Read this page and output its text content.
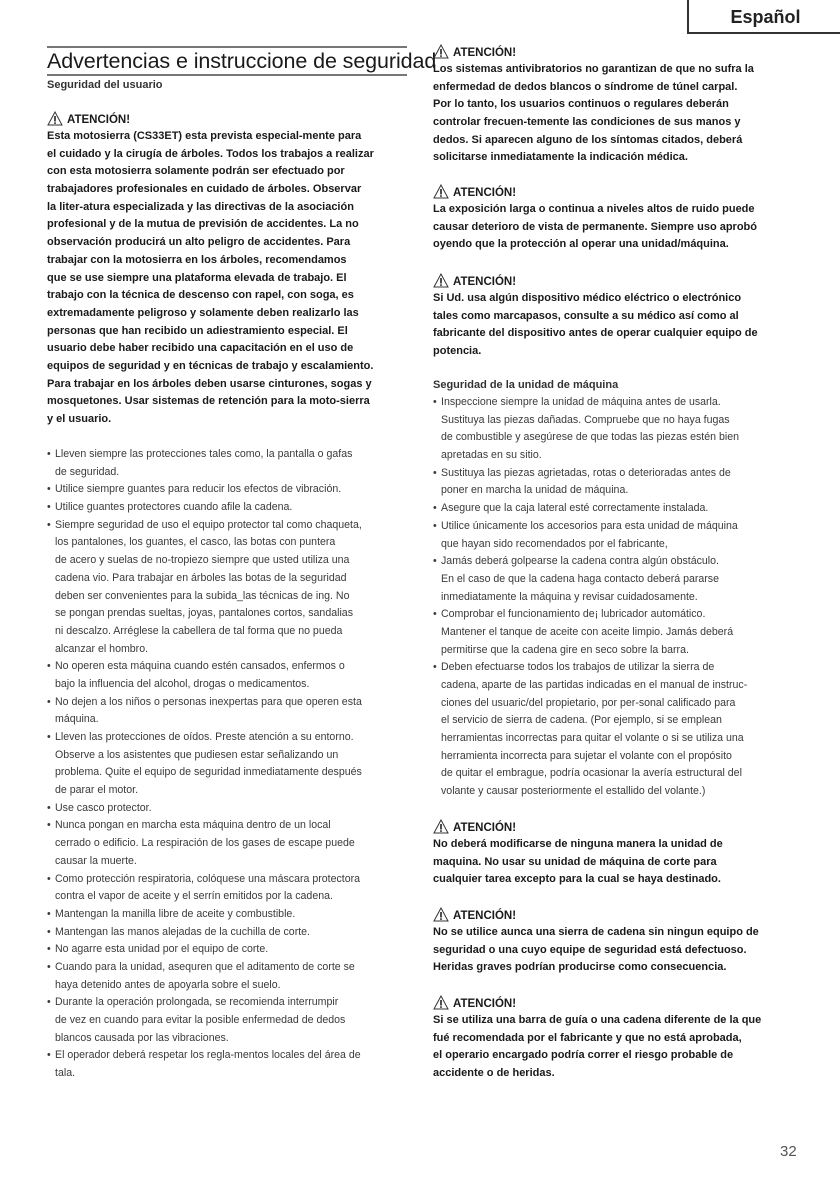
Español
Advertencias e instruccione de seguridad
Seguridad del usuario
ATENCIÓN!
Esta motosierra (CS33ET) esta prevista especial-mente para
el cuidado y la cirugía de árboles. Todos los trabajos a realizar
con esta motosierra solamente podrán ser efectuado por
trabajadores profesionales en cuidado de árboles. Observar
la liter-atura especializada y las directivas de la asociación
profesional y de la mutua de previsión de accidentes. La no
observación producirá un alto peligro de accidentes. Para
trabajar con la motosierra en los árboles, recomendamos
que se use siempre una plataforma elevada de trabajo. El
trabajo con la técnica de descenso con rapel, con soga, es
extremadamente peligroso y solamente deben realizarlo las
personas que han recibido un adiestramiento especial. El
usuario debe haber recibido una capacitación en el uso de
equipos de seguridad y en técnicas de trabajo y escalamiento.
Para trabajar en los árboles deben usarse cinturones, sogas y
mosquetones. Usar sistemas de retención para la moto-sierra
y el usuario.
• Lleven siempre las protecciones tales como, la pantalla o gafas
de seguridad.
• Utilice siempre guantes para reducir los efectos de vibración.
• Utilice guantes protectores cuando afile la cadena.
• Siempre seguridad de uso el equipo protector tal como chaqueta,
los pantalones, los guantes, el casco, las botas con puntera
de acero y suelas de no-tropiezo siempre que usted utiliza una
cadena vio. Para trabajar en árboles las botas de la seguridad
deben ser convenientes para la subida_las técnicas de ing. No
se pongan prendas sueltas, joyas, pantalones cortos, sandalias
ni descalzo. Arréglese la cabellera de tal forma que no pueda
alcanzar el hombro.
• No operen esta máquina cuando estén cansados, enfermos o
bajo la influencia del alcohol, drogas o medicamentos.
• No dejen a los niños o personas inexpertas para que operen esta
máquina.
• Lleven las protecciones de oídos. Preste atención a su entorno.
Observe a los asistentes que pudiesen estar señalizando un
problema. Quite el equipo de seguridad inmediatamente después
de parar el motor.
• Use casco protector.
• Nunca pongan en marcha esta máquina dentro de un local
cerrado o edificio. La respiración de los gases de escape puede
causar la muerte.
• Como protección respiratoria, colóquese una máscara protectora
contra el vapor de aceite y el serrín emitidos por la cadena.
• Mantengan la manilla libre de aceite y combustible.
• Mantengan las manos alejadas de la cuchilla de corte.
• No agarre esta unidad por el equipo de corte.
• Cuando para la unidad, asequren que el aditamento de corte se
haya detenido antes de apoyarla sobre el suelo.
• Durante la operación prolongada, se recomienda interrumpir
de vez en cuando para evitar la posible enfermedad de dedos
blancos causada por las vibraciones.
• El operador deberá respetar los regla-mentos locales del área de
tala.
ATENCIÓN!
Los sistemas antivibratorios no garantizan de que no sufra la
enfermedad de dedos blancos o síndrome de túnel carpal.
Por lo tanto, los usuarios continuos o regulares deberán
controlar frecuen-temente las condiciones de sus manos y
dedos. Si aparecen alguno de los síntomas citados, deberá
solicitarse inmediatamente la indicación médica.
ATENCIÓN!
La exposición larga o continua a niveles altos de ruido puede
causar deterioro de vista de permanente. Siempre uso aprobó
oyendo que la protección al operar una unidad/máquina.
ATENCIÓN!
Si Ud. usa algún dispositivo médico eléctrico o electrónico
tales como marcapasos, consulte a su médico así como al
fabricante del dispositivo antes de operar cualquier equipo de
potencia.
Seguridad de la unidad de máquina
• Inspeccione siempre la unidad de máquina antes de usarla.
Sustituya las piezas dañadas. Compruebe que no haya fugas
de combustible y asegúrese de que todas las piezas estén bien
apretadas en su sitio.
• Sustituya las piezas agrietadas, rotas o deterioradas antes de
poner en marcha la unidad de máquina.
• Asegure que la caja lateral esté correctamente instalada.
• Utilice únicamente los accesorios para esta unidad de máquina
que hayan sido recomendados por el fabricante,
• Jamás deberá golpearse la cadena contra algún obstáculo.
En el caso de que la cadena haga contacto deberá pararse
inmediatamente la máquina y revisar cuidadosamente.
• Comprobar el funcionamiento de¡ lubricador automático.
Mantener el tanque de aceite con aceite limpio. Jamás deberá
permitirse que la cadena gire en seco sobre la barra.
• Deben efectuarse todos los trabajos de utilizar la sierra de
cadena, aparte de las partidas indicadas en el manual de instruc-
ciones del usuaric/del propietario, por per-sonal calificado para
el servicio de sierra de cadena. (Por ejemplo, si se emplean
herramientas incorrectas para quitar el volante o si se utiliza una
herramienta incorrecta para sujetar el volante con el propósito
de quitar el embrague, podría ocasionar la avería estructural del
volante y causar posteriormente el estallido del volante.)
ATENCIÓN!
No deberá modificarse de ninguna manera la unidad de
maquina. No usar su unidad de máquina de corte para
cualquier tarea excepto para la cual se haya destinado.
ATENCIÓN!
No se utilice aunca una sierra de cadena sin ningun equipo de
seguridad o una cuyo equipe de seguridad está defectuoso.
Heridas graves podrían producirse como consecuencia.
ATENCIÓN!
Si se utiliza una barra de guía o una cadena diferente de la que
fué recomendada por el fabricante y que no está aprobada,
el operario encargado podría correr el riesgo probable de
accidente o de heridas.
32
